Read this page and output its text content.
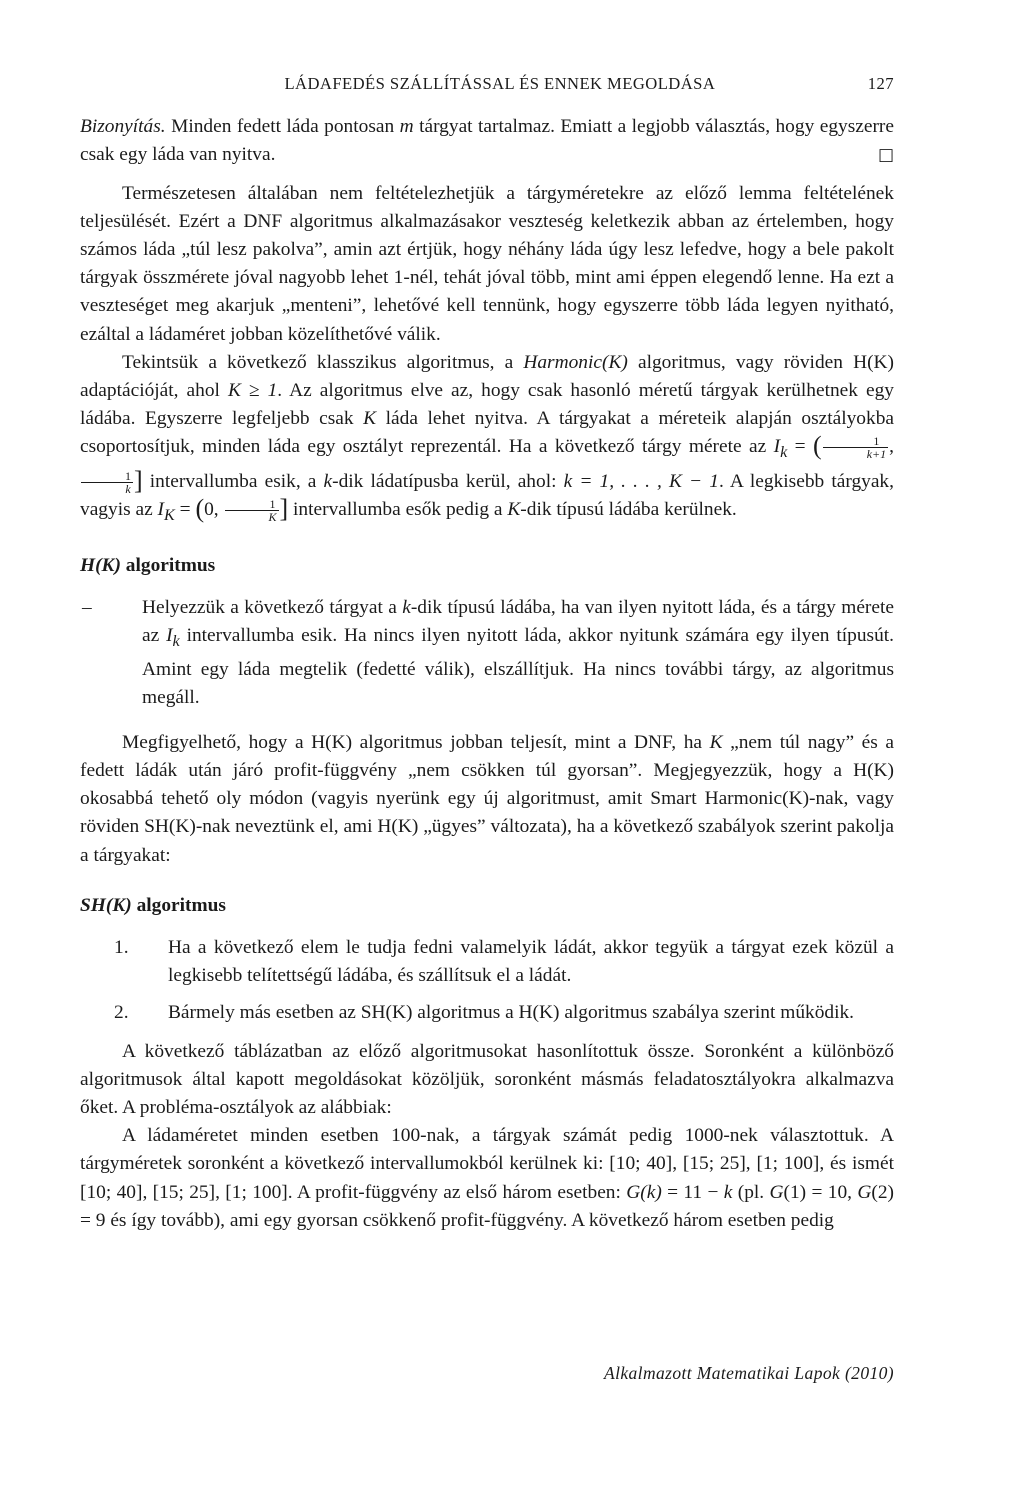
LÁDAFEDÉS SZÁLLÍTÁSSAL ÉS ENNEK MEGOLDÁSA	127

Bizonyítás. Minden fedett láda pontosan m tárgyat tartalmaz. Emiatt a legjobb választás, hogy egyszerre csak egy láda van nyitva.	□

Természetesen általában nem feltételezhetjük a tárgyméretekre az előző lemma feltételének teljesülését. Ezért a DNF algoritmus alkalmazásakor veszteség keletkezik abban az értelemben, hogy számos láda „túl lesz pakolva”, amin azt értjük, hogy néhány láda úgy lesz lefedve, hogy a bele pakolt tárgyak összmérete jóval nagyobb lehet 1-nél, tehát jóval több, mint ami éppen elegendő lenne. Ha ezt a veszteséget meg akarjuk „menteni”, lehetővé kell tennünk, hogy egyszerre több láda legyen nyitható, ezáltal a ládaméret jobban közelíthetővé válik.

Tekintsük a következő klasszikus algoritmus, a Harmonic(K) algoritmus, vagy röviden H(K) adaptációját, ahol K ≥ 1. Az algoritmus elve az, hogy csak hasonló méretű tárgyak kerülhetnek egy ládába. Egyszerre legfeljebb csak K láda lehet nyitva. A tárgyakat a méreteik alapján osztályokba csoportosítjuk, minden láda egy osztályt reprezentál. Ha a következő tárgy mérete az $I_k$ = ( $\frac{1}{k+1}$ ,
$\frac{1}{k}$ ] intervallumba esik, a k-dik ládatípusba kerül, ahol: k = 1, . . . , K − 1. A legkisebb tárgyak, vagyis az $I_K = (0$, $\frac{1}{K}$ ] intervallumba esők pedig a K-dik típusú ládába kerülnek.

H(K) algoritmus
–	Helyezzük a következő tárgyat a k-dik típusú ládába, ha van ilyen nyitott láda, és a tárgy mérete az $I_k$ intervallumba esik. Ha nincs ilyen nyitott láda, akkor nyitunk számára egy ilyen típusút. Amint egy láda megtelik (fedetté válik), elszállítjuk. Ha nincs további tárgy, az algoritmus megáll.

Megfigyelhető, hogy a H(K) algoritmus jobban teljesít, mint a DNF, ha K „nem túl nagy” és a fedett ládák után járó profit-függvény „nem csökken túl gyorsan”. Megjegyezzük, hogy a H(K) okosabbá tehető oly módon (vagyis nyerünk egy új algoritmust, amit Smart Harmonic(K)-nak, vagy röviden SH(K)-nak neveztünk el, ami H(K) „ügyes” változata), ha a következő szabályok szerint pakolja a tárgyakat:

SH(K) algoritmus
1.	Ha a következő elem le tudja fedni valamelyik ládát, akkor tegyük a tárgyat ezek közül a legkisebb telítettségű ládába, és szállítsuk el a ládát.
2.	Bármely más esetben az SH(K) algoritmus a H(K) algoritmus szabálya szerint működik.

A következő táblázatban az előző algoritmusokat hasonlítottuk össze. Soronként a különböző algoritmusok által kapott megoldásokat közöljük, soronként másmás feladatosztályokra alkalmazva őket. A probléma-osztályok az alábbiak:

A ládaméretet minden esetben 100-nak, a tárgyak számát pedig 1000-nek választottuk. A tárgyméretek soronként a következő intervallumokból kerülnek ki: [10; 40], [15; 25], [1; 100], és ismét [10; 40], [15; 25], [1; 100]. A profit-függvény az első három esetben: G(k) = 11 − k (pl. G(1) = 10, G(2) = 9 és így tovább), ami egy gyorsan csökkenő profit-függvény. A következő három esetben pedig

Alkalmazott Matematikai Lapok (2010)
